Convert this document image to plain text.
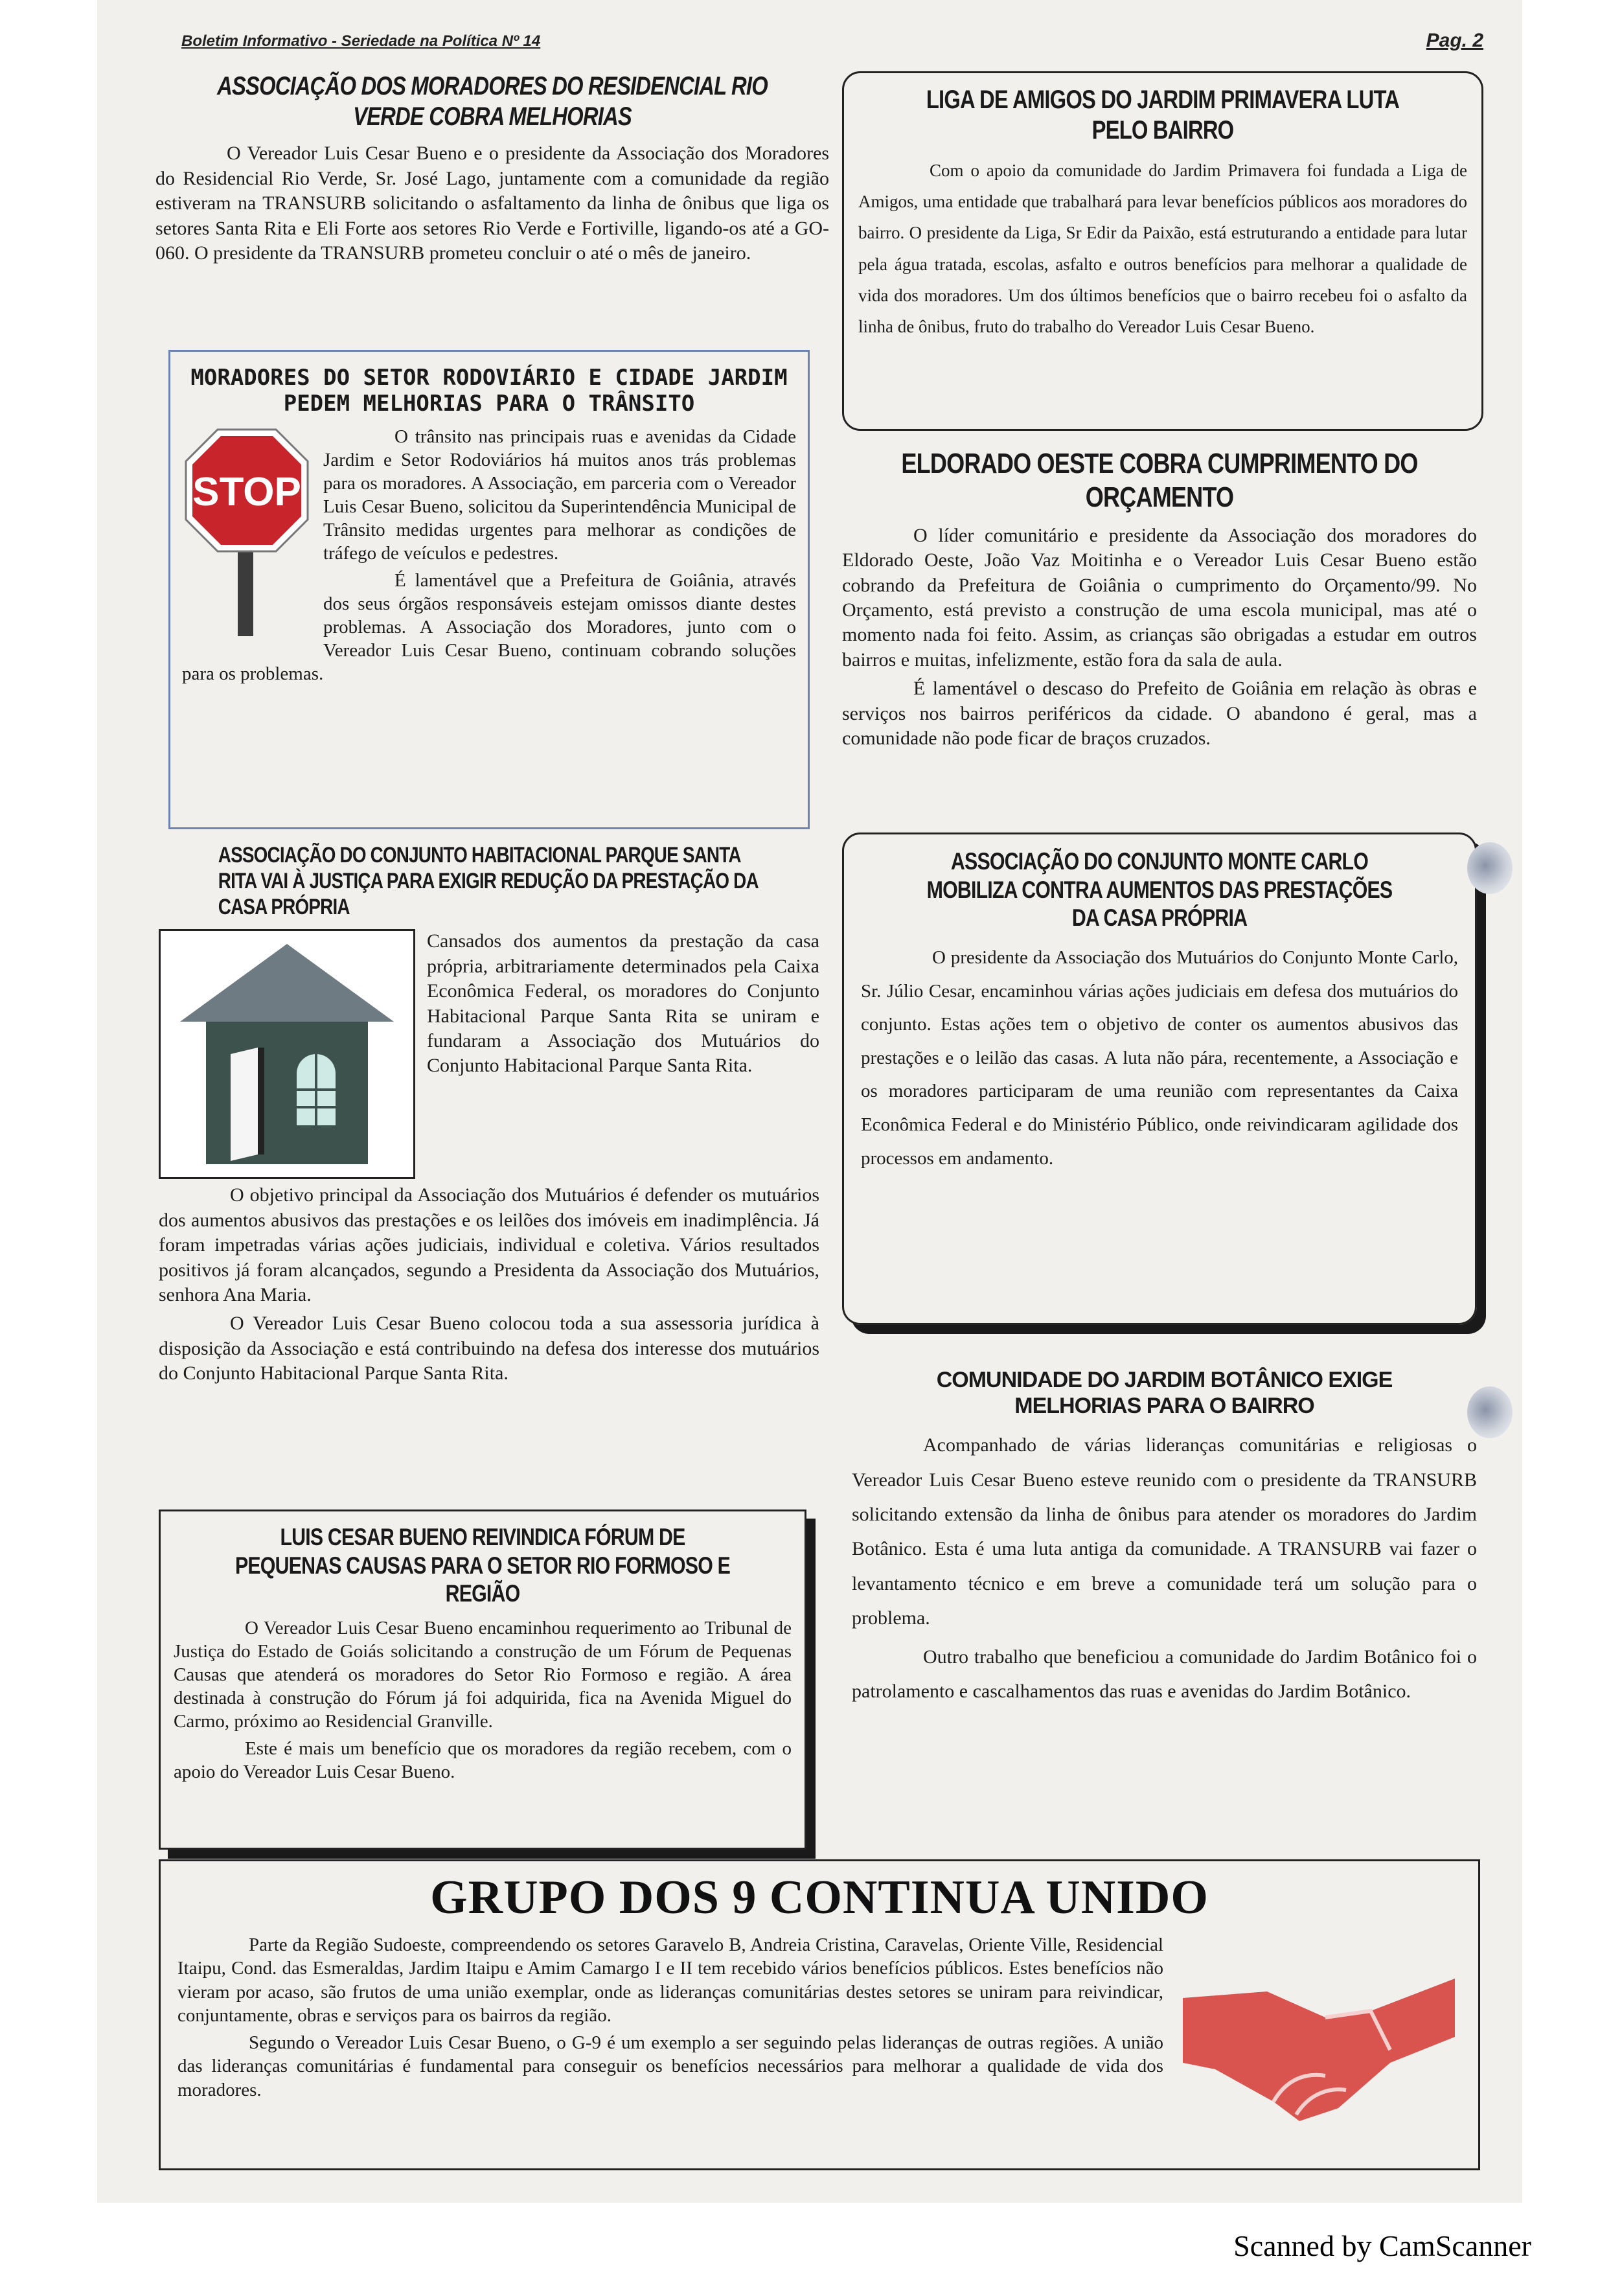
Boletim Informativo - Seriedade na Política Nº 14	Pag. 2
ASSOCIAÇÃO DOS MORADORES DO RESIDENCIAL RIO VERDE COBRA MELHORIAS

O Vereador Luis Cesar Bueno e o presidente da Associação dos Moradores do Residencial Rio Verde, Sr. José Lago, juntamente com a comunidade da região estiveram na TRANSURB solicitando o asfaltamento da linha de ônibus que liga os setores Santa Rita e Eli Forte aos setores Rio Verde e Fortiville, ligando-os até a GO-060. O presidente da TRANSURB prometeu concluir o até o mês de janeiro.

MORADORES DO SETOR RODOVIÁRIO E CIDADE JARDIM PEDEM MELHORIAS PARA O TRÂNSITO
STOP

O trânsito nas principais ruas e avenidas da Cidade Jardim e Setor Rodoviários há muitos anos trás problemas para os moradores. A Associação, em parceria com o Vereador Luis Cesar Bueno, solicitou da Superintendência Municipal de Trânsito medidas urgentes para melhorar as condições de tráfego de veículos e pedestres.

É lamentável que a Prefeitura de Goiânia, através dos seus órgãos responsáveis estejam omissos diante destes problemas. A Associação dos Moradores, junto com o Vereador Luis Cesar Bueno, continuam cobrando soluções para os problemas.

ASSOCIAÇÃO DO CONJUNTO HABITACIONAL PARQUE SANTA RITA VAI À JUSTIÇA PARA EXIGIR REDUÇÃO DA PRESTAÇÃO DA CASA PRÓPRIA

Cansados dos aumentos da prestação da casa própria, arbitrariamente determinados pela Caixa Econômica Federal, os moradores do Conjunto Habitacional Parque Santa Rita se uniram e fundaram a Associação dos Mutuários do Conjunto Habitacional Parque Santa Rita.

O objetivo principal da Associação dos Mutuários é defender os mutuários dos aumentos abusivos das prestações e os leilões dos imóveis em inadimplência. Já foram impetradas várias ações judiciais, individual e coletiva. Vários resultados positivos já foram alcançados, segundo a Presidenta da Associação dos Mutuários, senhora Ana Maria.

O Vereador Luis Cesar Bueno colocou toda a sua assessoria jurídica à disposição da Associação e está contribuindo na defesa dos interesse dos mutuários do Conjunto Habitacional Parque Santa Rita.

LUIS CESAR BUENO REIVINDICA FÓRUM DE PEQUENAS CAUSAS PARA O SETOR RIO FORMOSO E REGIÃO

O Vereador Luis Cesar Bueno encaminhou requerimento ao Tribunal de Justiça do Estado de Goiás solicitando a construção de um Fórum de Pequenas Causas que atenderá os moradores do Setor Rio Formoso e região. A área destinada à construção do Fórum já foi adquirida, fica na Avenida Miguel do Carmo, próximo ao Residencial Granville.

Este é mais um benefício que os moradores da região recebem, com o apoio do Vereador Luis Cesar Bueno.

LIGA DE AMIGOS DO JARDIM PRIMAVERA LUTA PELO BAIRRO

Com o apoio da comunidade do Jardim Primavera foi fundada a Liga de Amigos, uma entidade que trabalhará para levar benefícios públicos aos moradores do bairro. O presidente da Liga, Sr Edir da Paixão, está estruturando a entidade para lutar pela água tratada, escolas, asfalto e outros benefícios para melhorar a qualidade de vida dos moradores. Um dos últimos benefícios que o bairro recebeu foi o asfalto da linha de ônibus, fruto do trabalho do Vereador Luis Cesar Bueno.

ELDORADO OESTE COBRA CUMPRIMENTO DO ORÇAMENTO

O líder comunitário e presidente da Associação dos moradores do Eldorado Oeste, João Vaz Moitinha e o Vereador Luis Cesar Bueno estão cobrando da Prefeitura de Goiânia o cumprimento do Orçamento/99. No Orçamento, está previsto a construção de uma escola municipal, mas até o momento nada foi feito. Assim, as crianças são obrigadas a estudar em outros bairros e muitas, infelizmente, estão fora da sala de aula.

É lamentável o descaso do Prefeito de Goiânia em relação às obras e serviços nos bairros periféricos da cidade. O abandono é geral, mas a comunidade não pode ficar de braços cruzados.

ASSOCIAÇÃO DO CONJUNTO MONTE CARLO MOBILIZA CONTRA AUMENTOS DAS PRESTAÇÕES DA CASA PRÓPRIA

O presidente da Associação dos Mutuários do Conjunto Monte Carlo, Sr. Júlio Cesar, encaminhou várias ações judiciais em defesa dos mutuários do conjunto. Estas ações tem o objetivo de conter os aumentos abusivos das prestações e o leilão das casas. A luta não pára, recentemente, a Associação e os moradores participaram de uma reunião com representantes da Caixa Econômica Federal e do Ministério Público, onde reivindicaram agilidade dos processos em andamento.

COMUNIDADE DO JARDIM BOTÂNICO EXIGE MELHORIAS PARA O BAIRRO

Acompanhado de várias lideranças comunitárias e religiosas o Vereador Luis Cesar Bueno esteve reunido com o presidente da TRANSURB solicitando extensão da linha de ônibus para atender os moradores do Jardim Botânico. Esta é uma luta antiga da comunidade. A TRANSURB vai fazer o levantamento técnico e em breve a comunidade terá um solução para o problema.

Outro trabalho que beneficiou a comunidade do Jardim Botânico foi o patrolamento e cascalhamentos das ruas e avenidas do Jardim Botânico.

GRUPO DOS 9 CONTINUA UNIDO

Parte da Região Sudoeste, compreendendo os setores Garavelo B, Andreia Cristina, Caravelas, Oriente Ville, Residencial Itaipu, Cond. das Esmeraldas, Jardim Itaipu e Amim Camargo I e II tem recebido vários benefícios públicos. Estes benefícios não vieram por acaso, são frutos de uma união exemplar, onde as lideranças comunitárias destes setores se uniram para reivindicar, conjuntamente, obras e serviços para os bairros da região.

Segundo o Vereador Luis Cesar Bueno, o G-9 é um exemplo a ser seguindo pelas lideranças de outras regiões. A união das lideranças comunitárias é fundamental para conseguir os benefícios necessários para melhorar a qualidade de vida dos moradores.

Scanned by CamScanner
